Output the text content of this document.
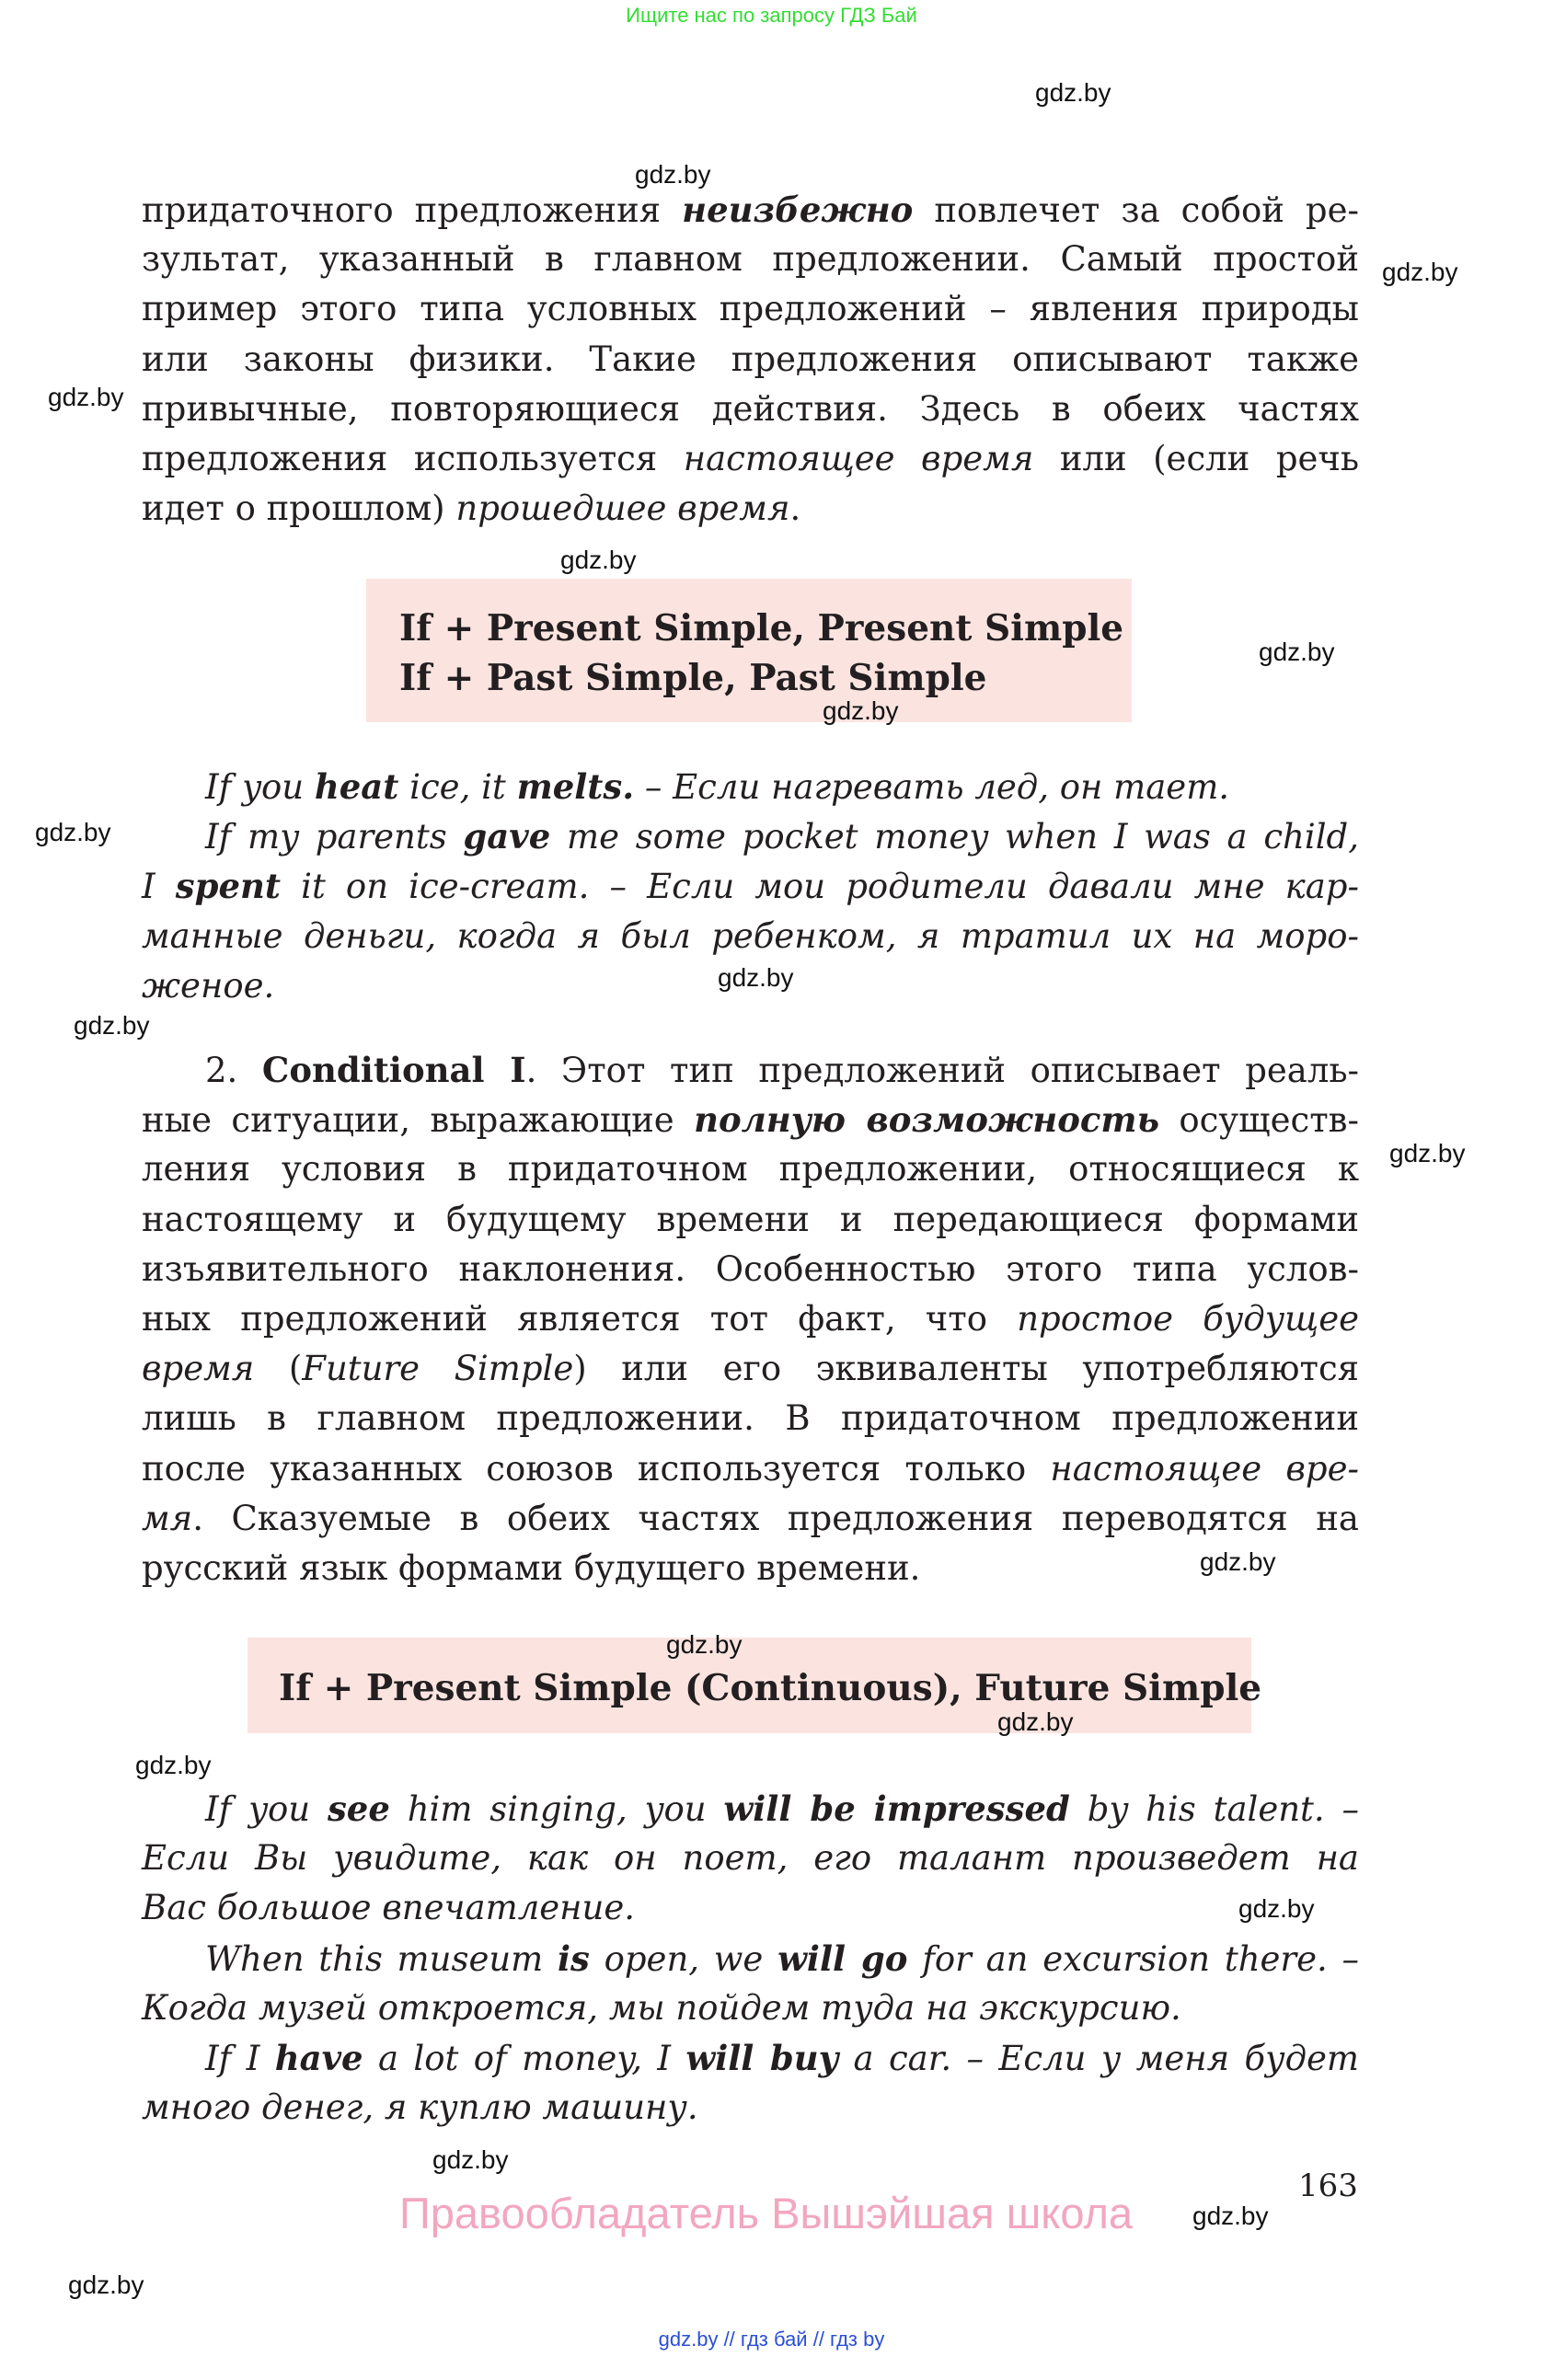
Ищите нас по запросу ГДЗ Бай
придаточного предложения неизбежно повлечет за собой ре-
зультат, указанный в главном предложении. Самый простой
пример этого типа условных предложений – явления природы
или законы физики. Такие предложения описывают также
привычные, повторяющиеся действия. Здесь в обеих частях
предложения используется настоящее время или (если речь
идет о прошлом) прошедшее время.
If you heat ice, it melts. – Если нагревать лед, он тает.
If my parents gave me some pocket money when I was a child,
I spent it on ice-cream. – Если мои родители давали мне кар-
манные деньги, когда я был ребенком, я тратил их на моро-
женое.
2. Conditional I. Этот тип предложений описывает реаль-
ные ситуации, выражающие полную возможность осуществ-
ления условия в придаточном предложении, относящиеся к
настоящему и будущему времени и передающиеся формами
изъявительного наклонения. Особенностью этого типа услов-
ных предложений является тот факт, что простое будущее
время (Future Simple) или его эквиваленты употребляются
лишь в главном предложении. В придаточном предложении
после указанных союзов используется только настоящее вре-
мя. Сказуемые в обеих частях предложения переводятся на
русский язык формами будущего времени.
If you see him singing, you will be impressed by his talent. –
Если Вы увидите, как он поет, его талант произведет на
Вас большое впечатление.
When this museum is open, we will go for an excursion there. –
Когда музей откроется, мы пойдем туда на экскурсию.
If I have a lot of money, I will buy a car. – Если у меня будет
много денег, я куплю машину.
If + Present Simple, Present Simple
If + Past Simple, Past Simple
If + Present Simple (Continuous), Future Simple
gdz.by
gdz.by
gdz.by
gdz.by
gdz.by
gdz.by
gdz.by
gdz.by
gdz.by
gdz.by
gdz.by
gdz.by
gdz.by
gdz.by
gdz.by
gdz.by
gdz.by
gdz.by
gdz.by
163
Правообладатель Вышэйшая школа
gdz.by // гдз бай // гдз by
